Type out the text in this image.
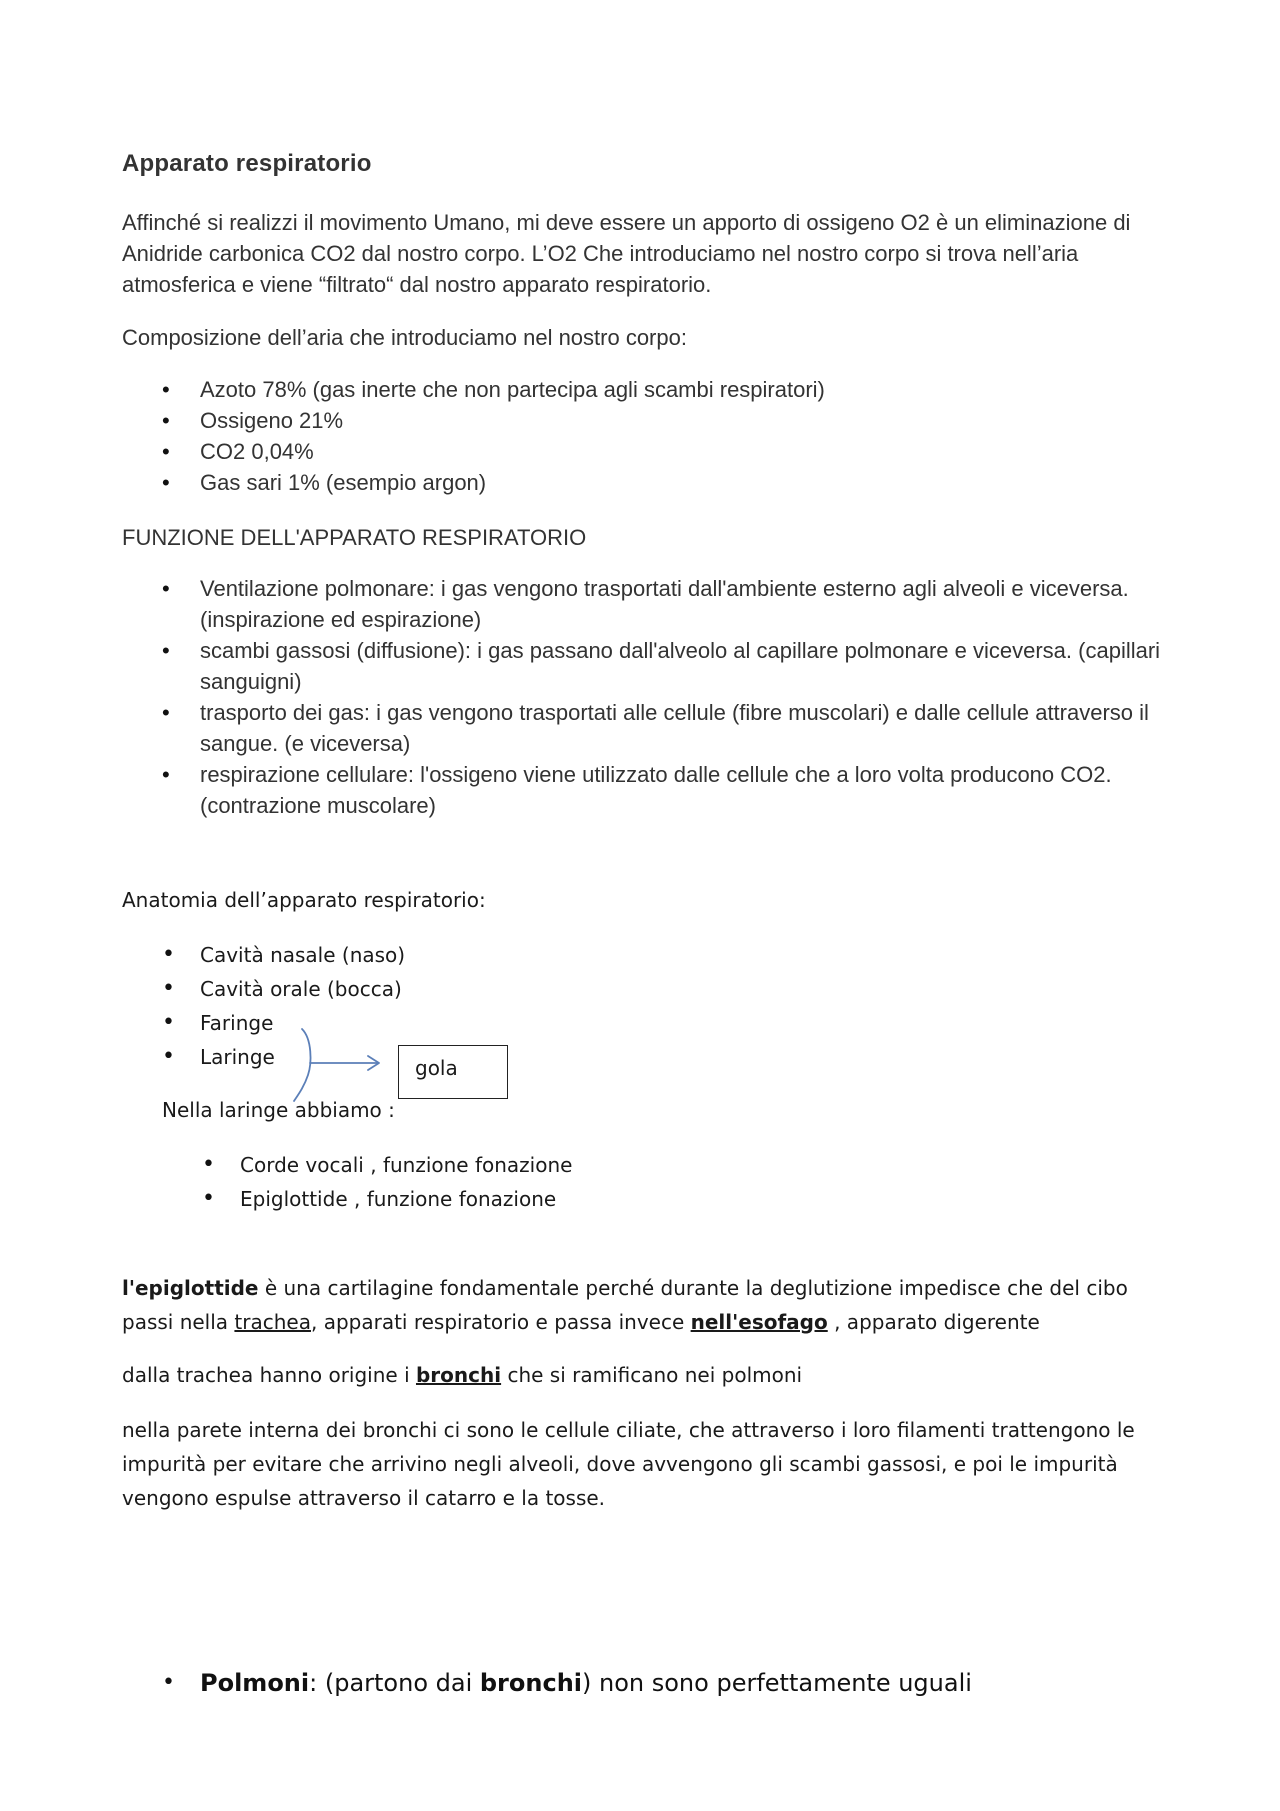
Apparato respiratorio

Affinché si realizzi il movimento Umano, mi deve essere un apporto di ossigeno O2 è un eliminazione di Anidride carbonica CO2 dal nostro corpo. L’O2 Che introduciamo nel nostro corpo si trova nell’aria atmosferica e viene “filtrato“ dal nostro apparato respiratorio.

Composizione dell’aria che introduciamo nel nostro corpo:

• Azoto 78% (gas inerte che non partecipa agli scambi respiratori)
• Ossigeno 21%
• CO2 0,04%
• Gas sari 1% (esempio argon)

FUNZIONE DELL'APPARATO RESPIRATORIO

• Ventilazione polmonare: i gas vengono trasportati dall'ambiente esterno agli alveoli e viceversa. (inspirazione ed espirazione)
• scambi gassosi (diffusione): i gas passano dall'alveolo al capillare polmonare e viceversa. (capillari sanguigni)
• trasporto dei gas: i gas vengono trasportati alle cellule (fibre muscolari) e dalle cellule attraverso il sangue. (e viceversa)
• respirazione cellulare: l'ossigeno viene utilizzato dalle cellule che a loro volta producono CO2. (contrazione muscolare)

Anatomia dell’apparato respiratorio:

• Cavità nasale (naso)
• Cavità orale (bocca)
• Faringe
• Laringe	gola

Nella laringe abbiamo :

• Corde vocali , funzione fonazione
• Epiglottide , funzione fonazione

l'epiglottide è una cartilagine fondamentale perché durante la deglutizione impedisce che del cibo passi nella trachea, apparati respiratorio e passa invece nell'esofago , apparato digerente

dalla trachea hanno origine i bronchi che si ramificano nei polmoni

nella parete interna dei bronchi ci sono le cellule ciliate, che attraverso i loro filamenti trattengono le impurità per evitare che arrivino negli alveoli, dove avvengono gli scambi gassosi, e poi le impurità vengono espulse attraverso il catarro e la tosse.

• Polmoni: (partono dai bronchi) non sono perfettamente uguali
